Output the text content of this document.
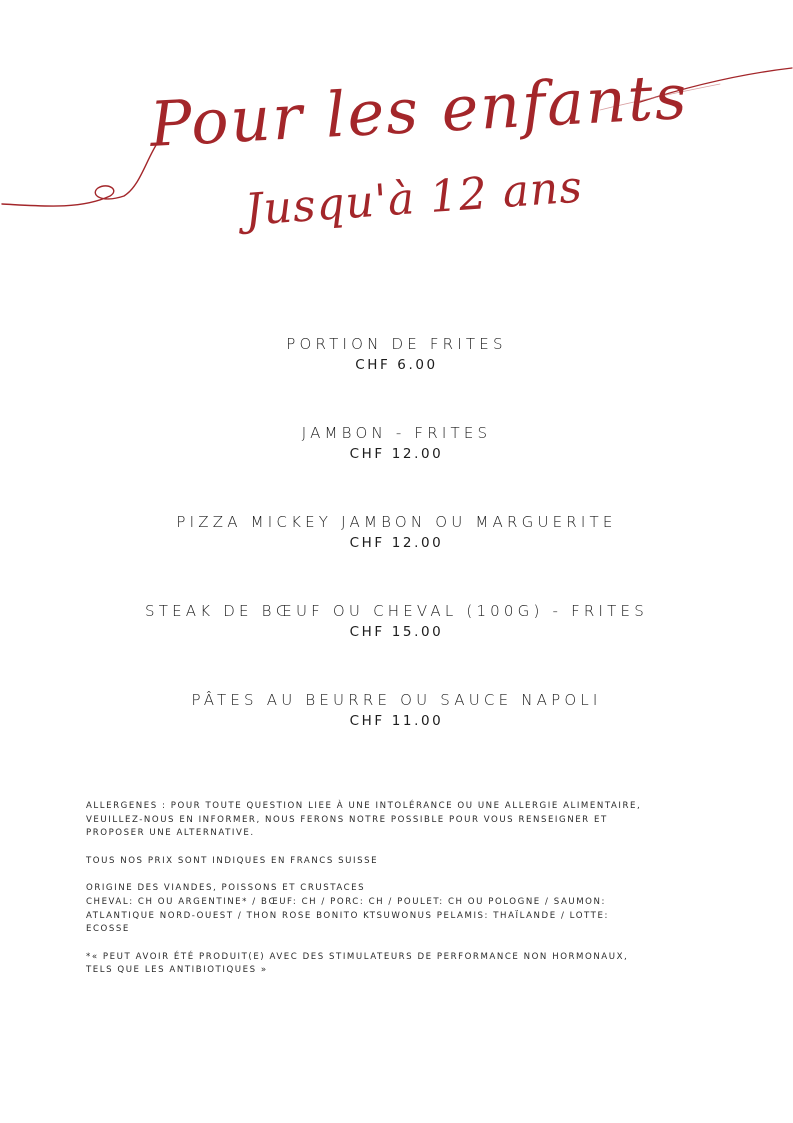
Pour les enfants
Jusqu'à 12 ans
PORTION DE FRITES
CHF 6.00
JAMBON - FRITES
CHF 12.00
PIZZA MICKEY JAMBON OU MARGUERITE
CHF 12.00
STEAK DE BŒUF OU CHEVAL (100G) - FRITES
CHF 15.00
PÂTES AU BEURRE OU SAUCE NAPOLI
CHF 11.00
ALLERGENES : POUR TOUTE QUESTION LIEE À UNE INTOLÉRANCE OU UNE ALLERGIE ALIMENTAIRE,
VEUILLEZ-NOUS EN INFORMER, NOUS FERONS NOTRE POSSIBLE POUR VOUS RENSEIGNER ET
PROPOSER UNE ALTERNATIVE.
TOUS NOS PRIX SONT INDIQUES EN FRANCS SUISSE
ORIGINE DES VIANDES, POISSONS ET CRUSTACES
CHEVAL: CH OU ARGENTINE* / BŒUF: CH / PORC: CH / POULET: CH OU POLOGNE / SAUMON:
ATLANTIQUE NORD-OUEST / THON ROSE BONITO KTSUWONUS PELAMIS: THAÏLANDE / LOTTE:
ECOSSE
*« PEUT AVOIR ÉTÉ PRODUIT(E) AVEC DES STIMULATEURS DE PERFORMANCE NON HORMONAUX,
TELS QUE LES ANTIBIOTIQUES »
